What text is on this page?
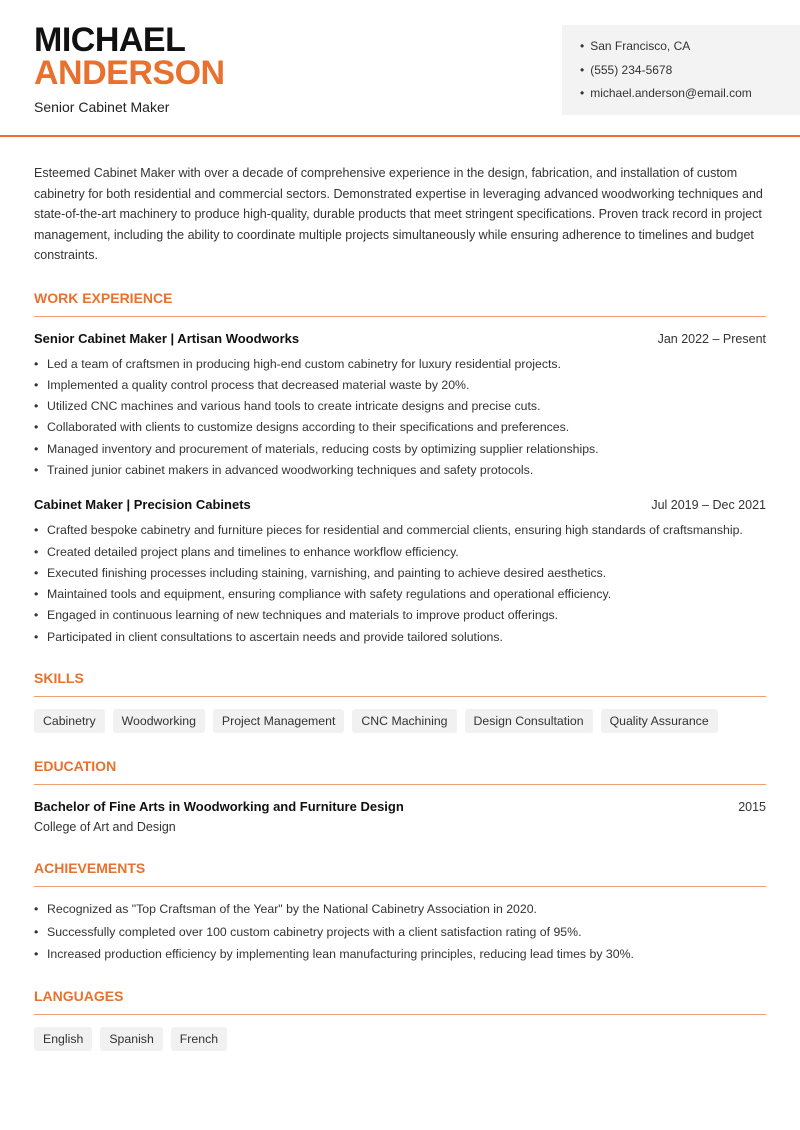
MICHAEL
ANDERSON
Senior Cabinet Maker
• San Francisco, CA
• (555) 234-5678
• michael.anderson@email.com

Esteemed Cabinet Maker with over a decade of comprehensive experience in the design, fabrication, and installation of custom cabinetry for both residential and commercial sectors. Demonstrated expertise in leveraging advanced woodworking techniques and state-of-the-art machinery to produce high-quality, durable products that meet stringent specifications. Proven track record in project management, including the ability to coordinate multiple projects simultaneously while ensuring adherence to timelines and budget constraints.

WORK EXPERIENCE
Senior Cabinet Maker | Artisan Woodworks	Jan 2022 – Present
• Led a team of craftsmen in producing high-end custom cabinetry for luxury residential projects.
• Implemented a quality control process that decreased material waste by 20%.
• Utilized CNC machines and various hand tools to create intricate designs and precise cuts.
• Collaborated with clients to customize designs according to their specifications and preferences.
• Managed inventory and procurement of materials, reducing costs by optimizing supplier relationships.
• Trained junior cabinet makers in advanced woodworking techniques and safety protocols.
Cabinet Maker | Precision Cabinets	Jul 2019 – Dec 2021
• Crafted bespoke cabinetry and furniture pieces for residential and commercial clients, ensuring high standards of craftsmanship.
• Created detailed project plans and timelines to enhance workflow efficiency.
• Executed finishing processes including staining, varnishing, and painting to achieve desired aesthetics.
• Maintained tools and equipment, ensuring compliance with safety regulations and operational efficiency.
• Engaged in continuous learning of new techniques and materials to improve product offerings.
• Participated in client consultations to ascertain needs and provide tailored solutions.
SKILLS
Cabinetry	Woodworking	Project Management	CNC Machining	Design Consultation	Quality Assurance
EDUCATION
Bachelor of Fine Arts in Woodworking and Furniture Design	2015
College of Art and Design
ACHIEVEMENTS
• Recognized as "Top Craftsman of the Year" by the National Cabinetry Association in 2020.
• Successfully completed over 100 custom cabinetry projects with a client satisfaction rating of 95%.
• Increased production efficiency by implementing lean manufacturing principles, reducing lead times by 30%.
LANGUAGES
English	Spanish	French
